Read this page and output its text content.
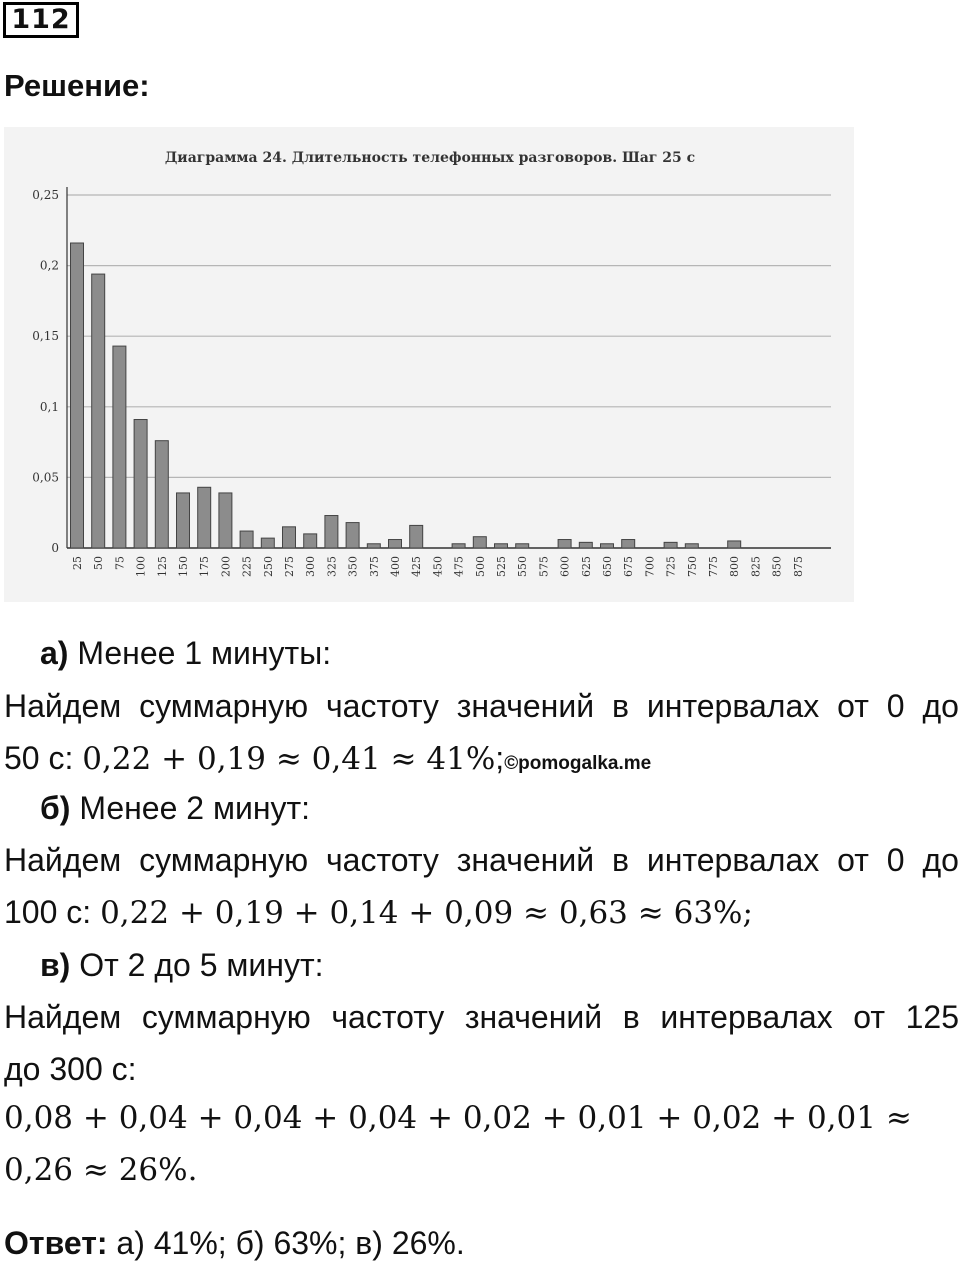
112
Решение:
Диаграмма 24. Длительность телефонных разговоров. Шаг 25 с
0
0,05
0,1
0,15
0,2
0,25
25 50 75 100 125 150 175 200 225 250 275 300 325 350 375 400 425 450 475 500 525 550 575 600 625 650 675 700 725 750 775 800 825 850 875
а) Менее 1 минуты:
Найдем суммарную частоту значений в интервалах от 0 до
50 с: 0,22 + 0,19 ≈ 0,41 ≈ 41%;©pomogalka.me
б) Менее 2 минут:
Найдем суммарную частоту значений в интервалах от 0 до
100 с: 0,22 + 0,19 + 0,14 + 0,09 ≈ 0,63 ≈ 63%;
в) От 2 до 5 минут:
Найдем суммарную частоту значений в интервалах от 125
до 300 с:
0,08 + 0,04 + 0,04 + 0,04 + 0,02 + 0,01 + 0,02 + 0,01 ≈
0,26 ≈ 26%.
Ответ: а) 41%; б) 63%; в) 26%.
